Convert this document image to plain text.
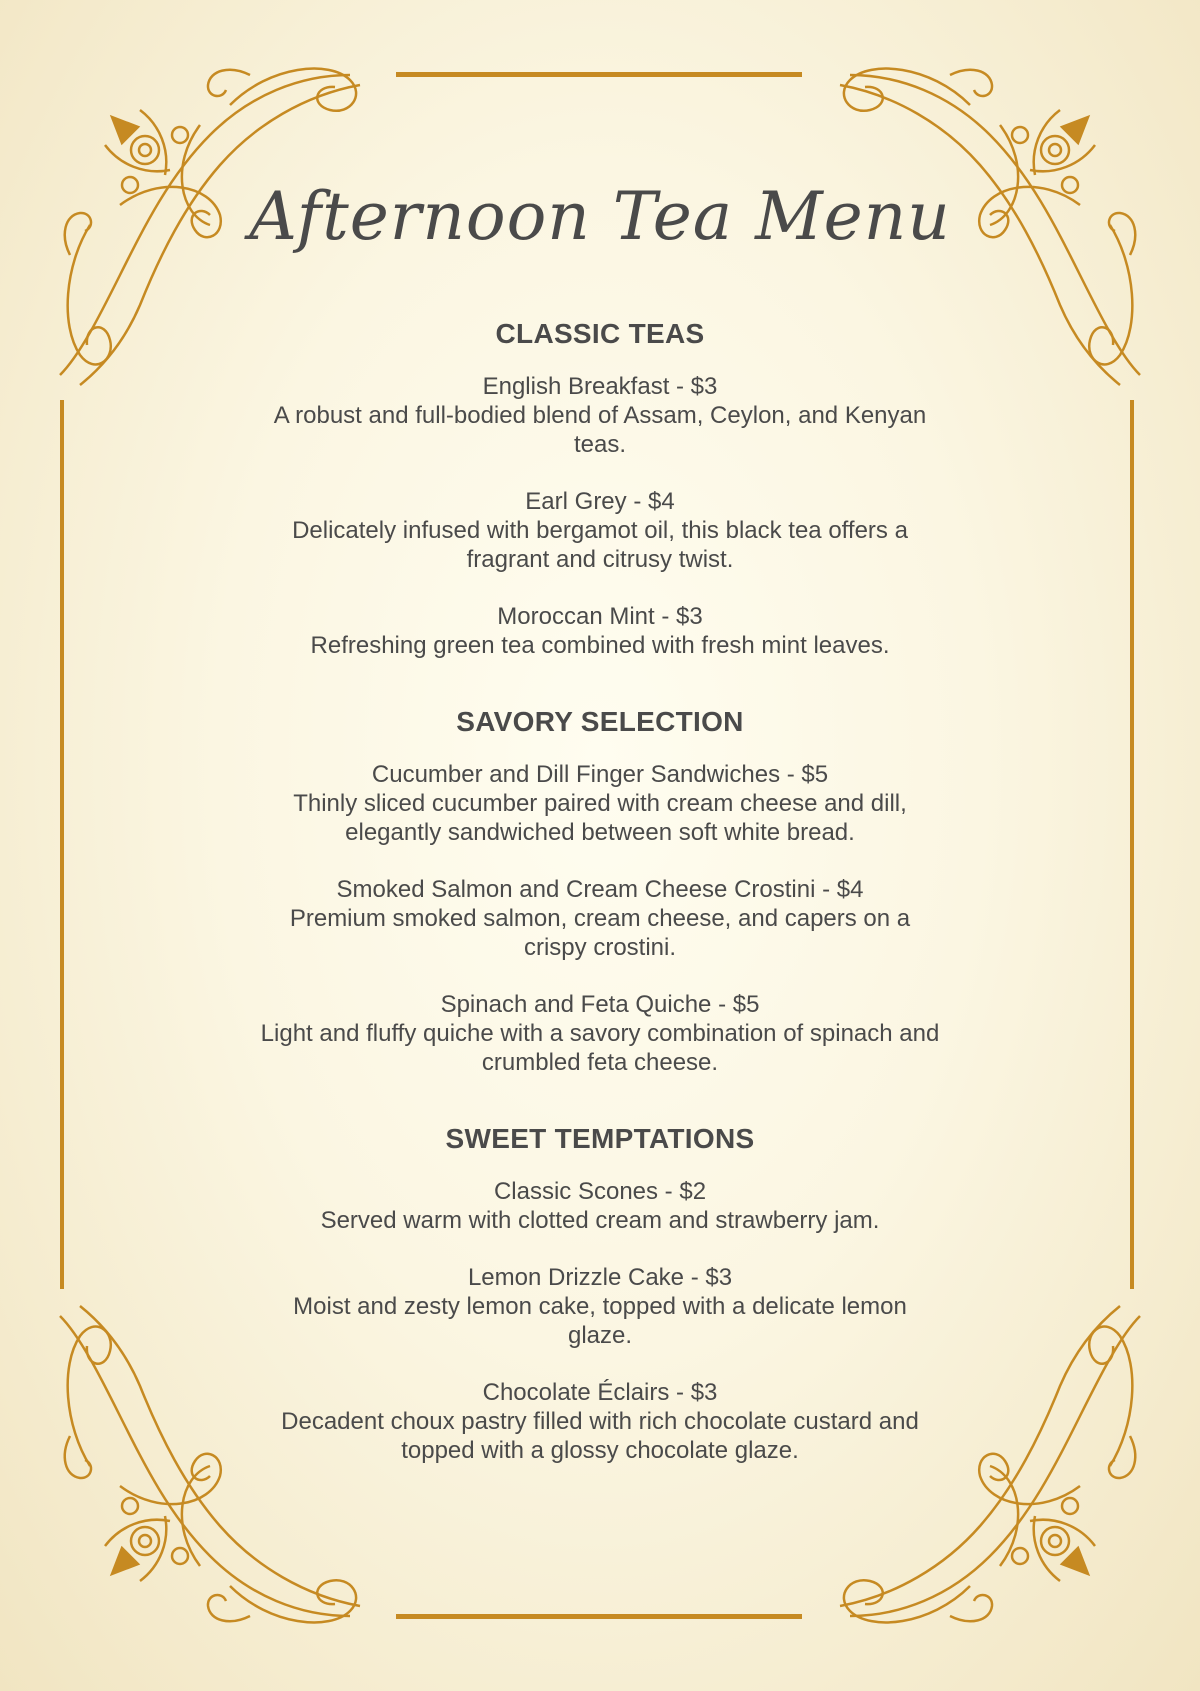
Afternoon Tea Menu
CLASSIC TEAS
English Breakfast - $3
A robust and full-bodied blend of Assam, Ceylon, and Kenyan teas.
Earl Grey - $4
Delicately infused with bergamot oil, this black tea offers a fragrant and citrusy twist.
Moroccan Mint - $3
Refreshing green tea combined with fresh mint leaves.
SAVORY SELECTION
Cucumber and Dill Finger Sandwiches - $5
Thinly sliced cucumber paired with cream cheese and dill, elegantly sandwiched between soft white bread.
Smoked Salmon and Cream Cheese Crostini - $4
Premium smoked salmon, cream cheese, and capers on a crispy crostini.
Spinach and Feta Quiche - $5
Light and fluffy quiche with a savory combination of spinach and crumbled feta cheese.
SWEET TEMPTATIONS
Classic Scones - $2
Served warm with clotted cream and strawberry jam.
Lemon Drizzle Cake - $3
Moist and zesty lemon cake, topped with a delicate lemon glaze.
Chocolate Éclairs - $3
Decadent choux pastry filled with rich chocolate custard and topped with a glossy chocolate glaze.
